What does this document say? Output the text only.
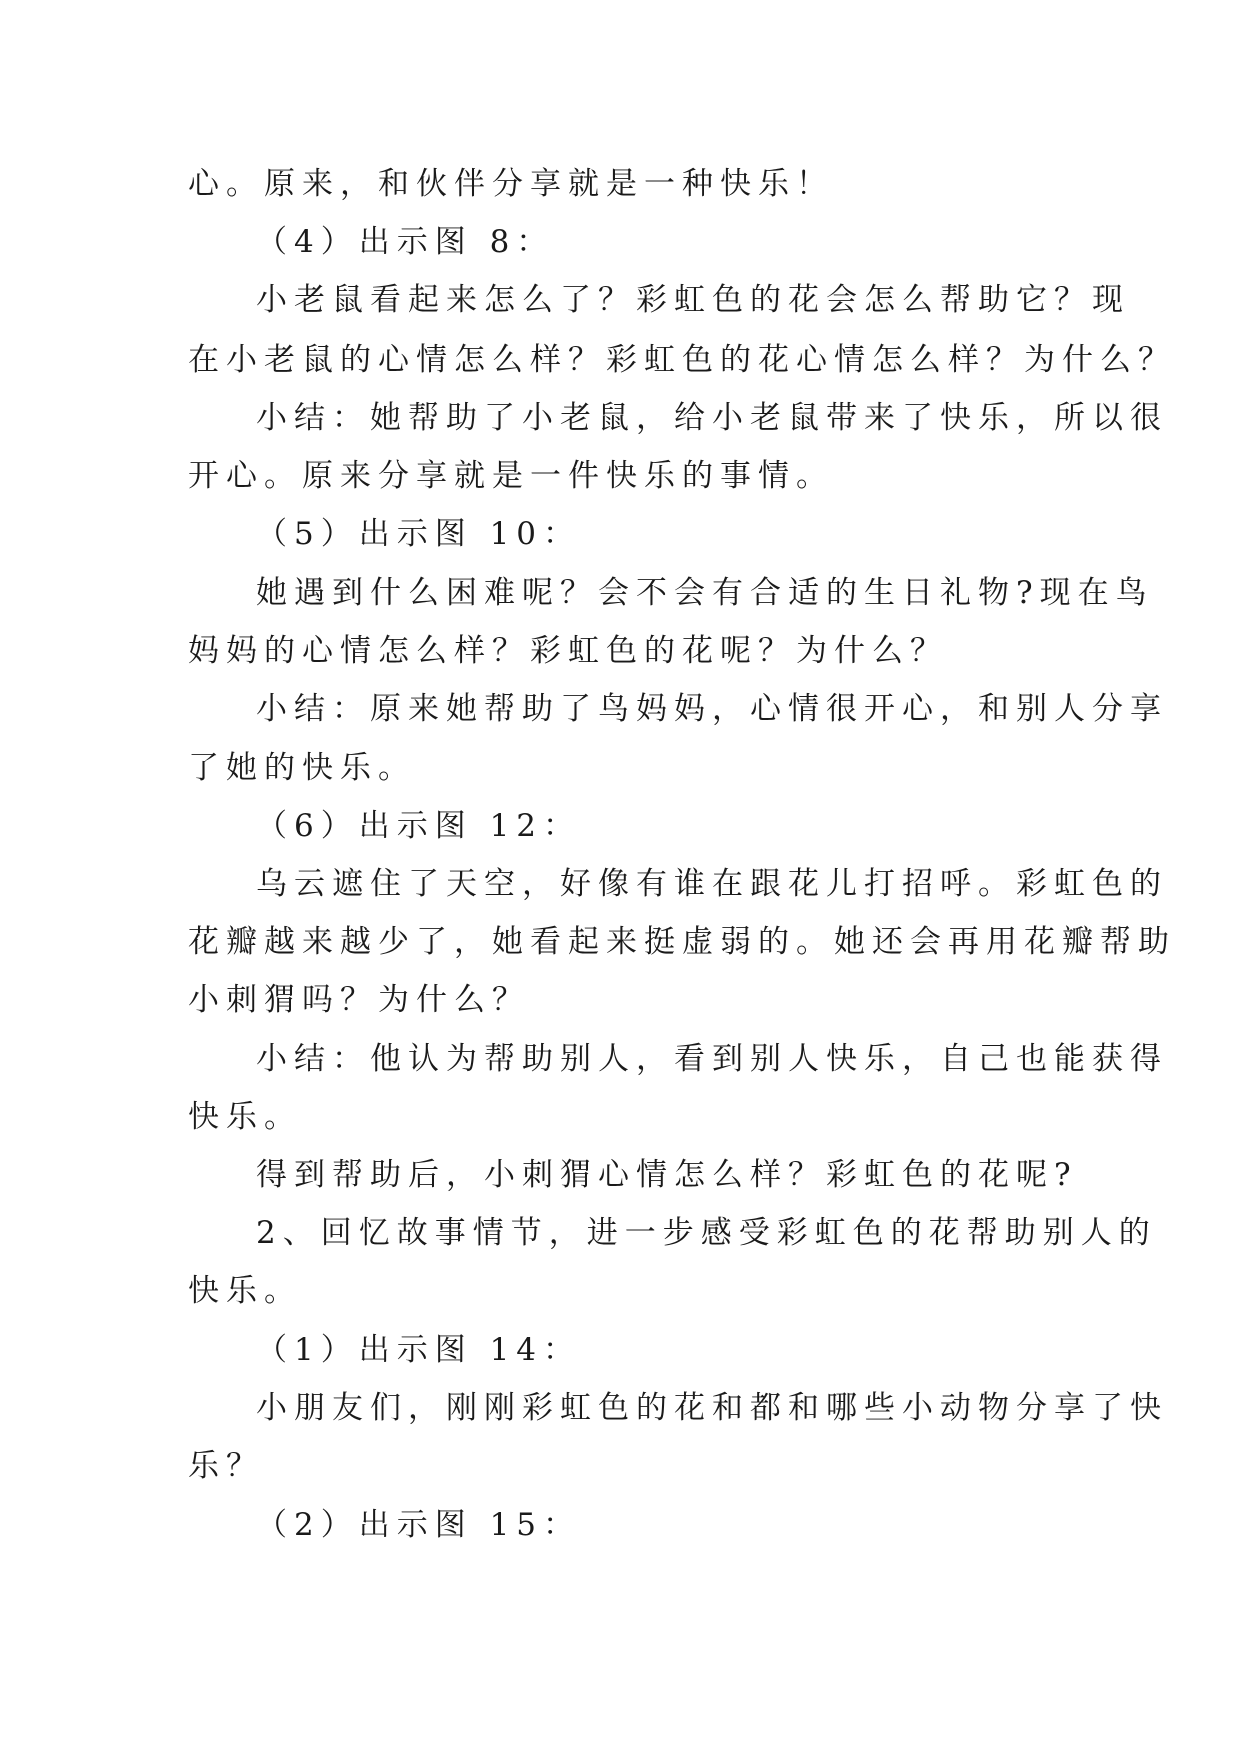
心。原来，和伙伴分享就是一种快乐！
（4）出示图 8：
小老鼠看起来怎么了？彩虹色的花会怎么帮助它？现
在小老鼠的心情怎么样？彩虹色的花心情怎么样？为什么？
小结：她帮助了小老鼠，给小老鼠带来了快乐，所以很
开心。原来分享就是一件快乐的事情。
（5）出示图 10：
她遇到什么困难呢？会不会有合适的生日礼物?现在鸟
妈妈的心情怎么样？彩虹色的花呢？为什么？
小结：原来她帮助了鸟妈妈，心情很开心，和别人分享
了她的快乐。
（6）出示图 12：
乌云遮住了天空，好像有谁在跟花儿打招呼。彩虹色的
花瓣越来越少了，她看起来挺虚弱的。她还会再用花瓣帮助
小刺猬吗？为什么？
小结：他认为帮助别人，看到别人快乐，自己也能获得
快乐。
得到帮助后，小刺猬心情怎么样？彩虹色的花呢?
2、回忆故事情节，进一步感受彩虹色的花帮助别人的
快乐。
（1）出示图 14：
小朋友们，刚刚彩虹色的花和都和哪些小动物分享了快
乐？
（2）出示图 15：
